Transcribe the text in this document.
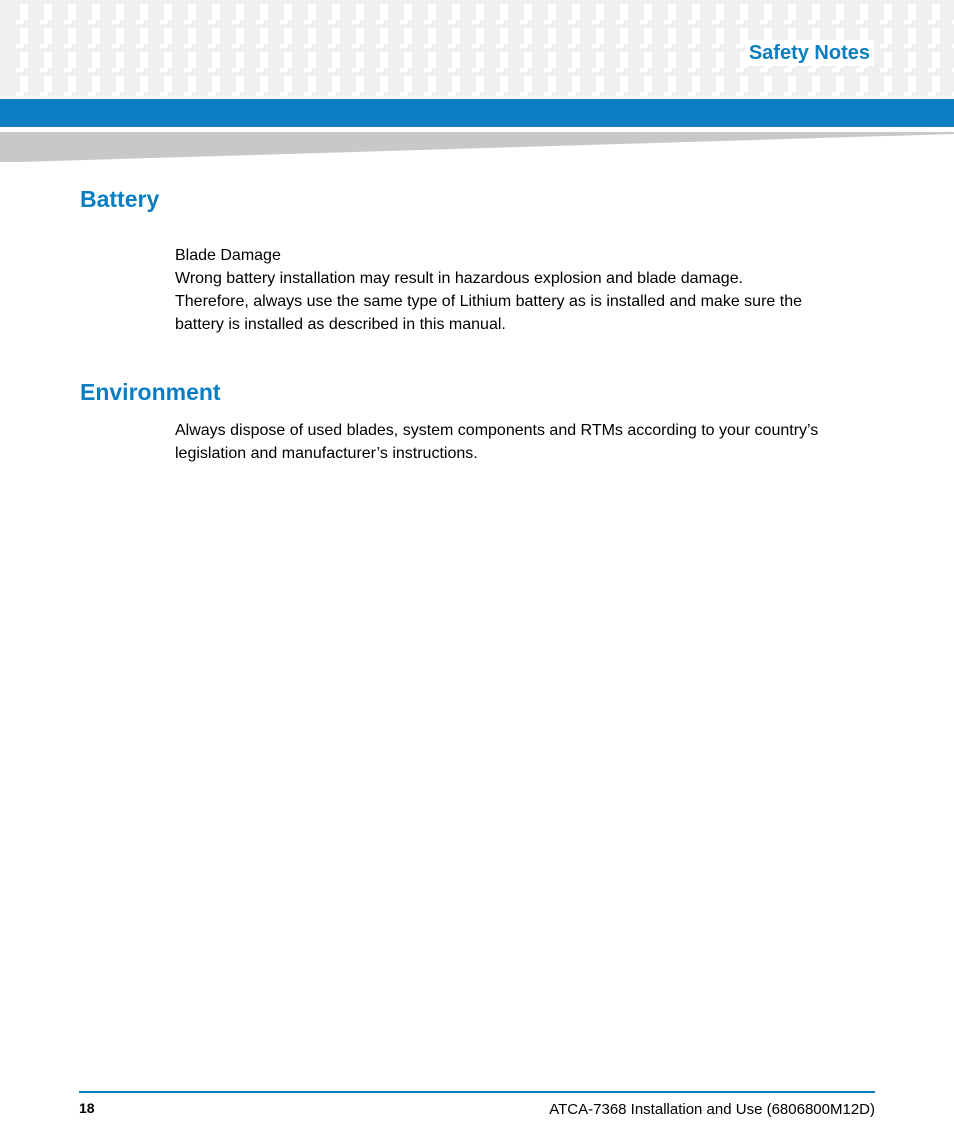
Safety Notes
Battery

Blade Damage

Wrong battery installation may result in hazardous explosion and blade damage.

Therefore, always use the same type of Lithium battery as is installed and make sure the

battery is installed as described in this manual.

Environment

Always dispose of used blades, system components and RTMs according to your country’s

legislation and manufacturer’s instructions.

18	ATCA-7368 Installation and Use (6806800M12D)
